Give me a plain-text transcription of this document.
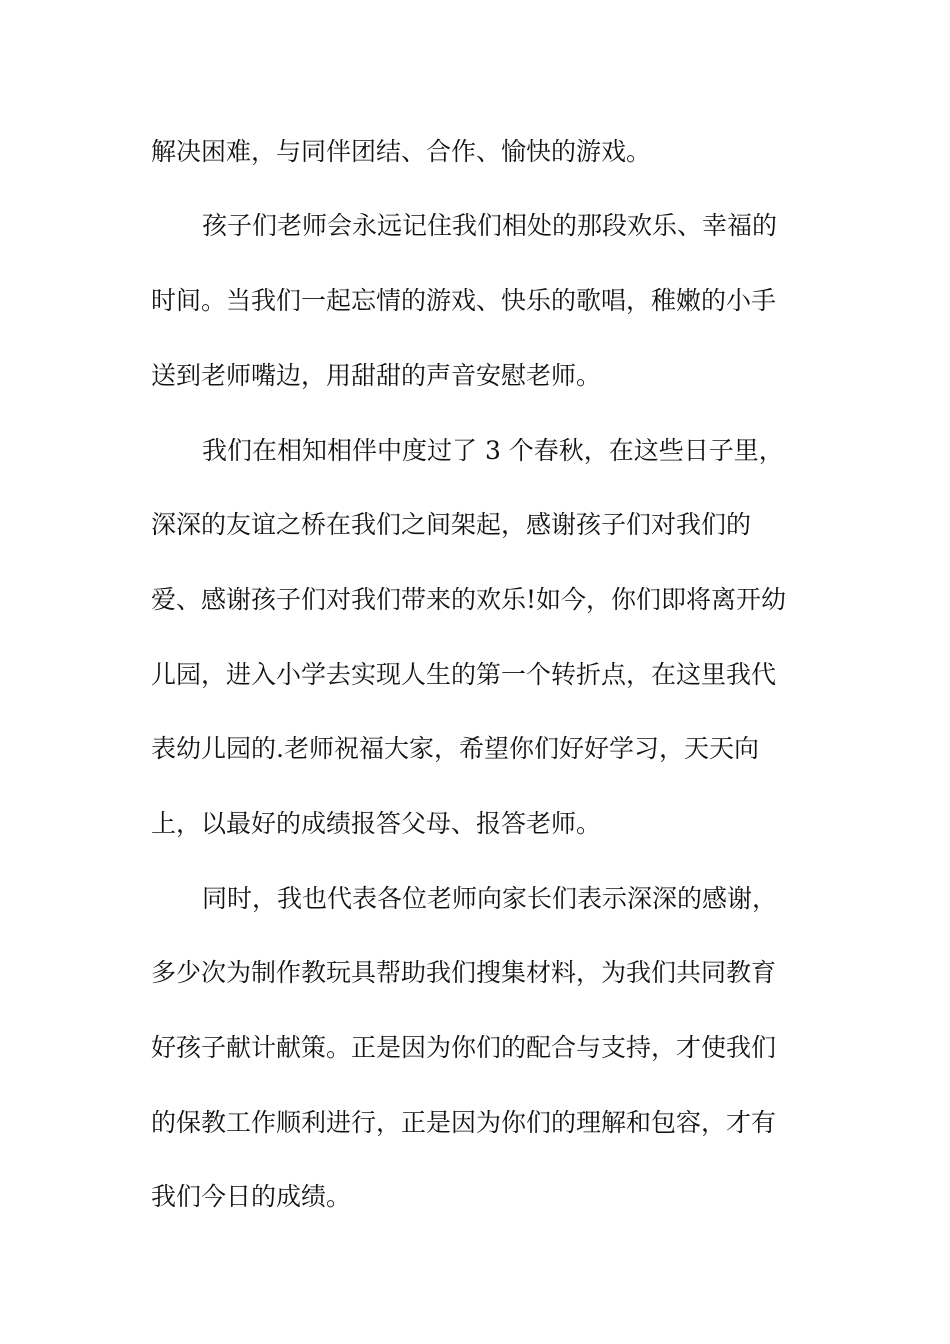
解决困难，与同伴团结、合作、愉快的游戏。

孩子们老师会永远记住我们相处的那段欢乐、幸福的

时间。当我们一起忘情的游戏、快乐的歌唱，稚嫩的小手

送到老师嘴边，用甜甜的声音安慰老师。

我们在相知相伴中度过了 3 个春秋，在这些日子里，

深深的友谊之桥在我们之间架起，感谢孩子们对我们的

爱、感谢孩子们对我们带来的欢乐!如今，你们即将离开幼

儿园，进入小学去实现人生的第一个转折点，在这里我代

表幼儿园的.老师祝福大家，希望你们好好学习，天天向

上，以最好的成绩报答父母、报答老师。

同时，我也代表各位老师向家长们表示深深的感谢，

多少次为制作教玩具帮助我们搜集材料，为我们共同教育

好孩子献计献策。正是因为你们的配合与支持，才使我们

的保教工作顺利进行，正是因为你们的理解和包容，才有

我们今日的成绩。
